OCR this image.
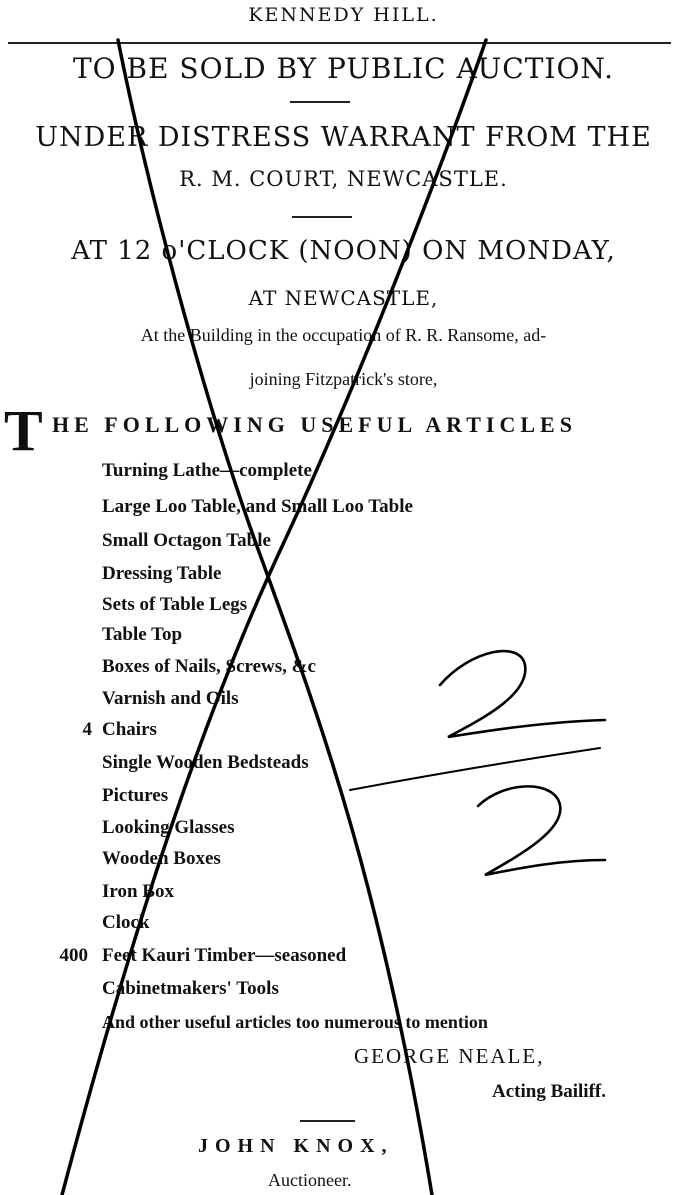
KENNEDY HILL.
TO BE SOLD BY PUBLIC AUCTION.
UNDER DISTRESS WARRANT FROM THE
R. M. COURT, NEWCASTLE.
AT 12 o'CLOCK (NOON) ON MONDAY,
AT NEWCASTLE,
At the Building in the occupation of R. R. Ransome, ad-
joining Fitzpatrick's store,
T HE FOLLOWING USEFUL ARTICLES
Turning Lathe—complete
Large Loo Table, and Small Loo Table
Small Octagon Table
Dressing Table
Sets of Table Legs
Table Top
Boxes of Nails, Screws, &c
Varnish and Oils
4 Chairs
Single Wooden Bedsteads
Pictures
Looking Glasses
Wooden Boxes
Iron Box
Clock
400 Feet Kauri Timber—seasoned
Cabinetmakers' Tools
And other useful articles too numerous to mention
GEORGE NEALE,
Acting Bailiff.
JOHN KNOX,
Auctioneer.
